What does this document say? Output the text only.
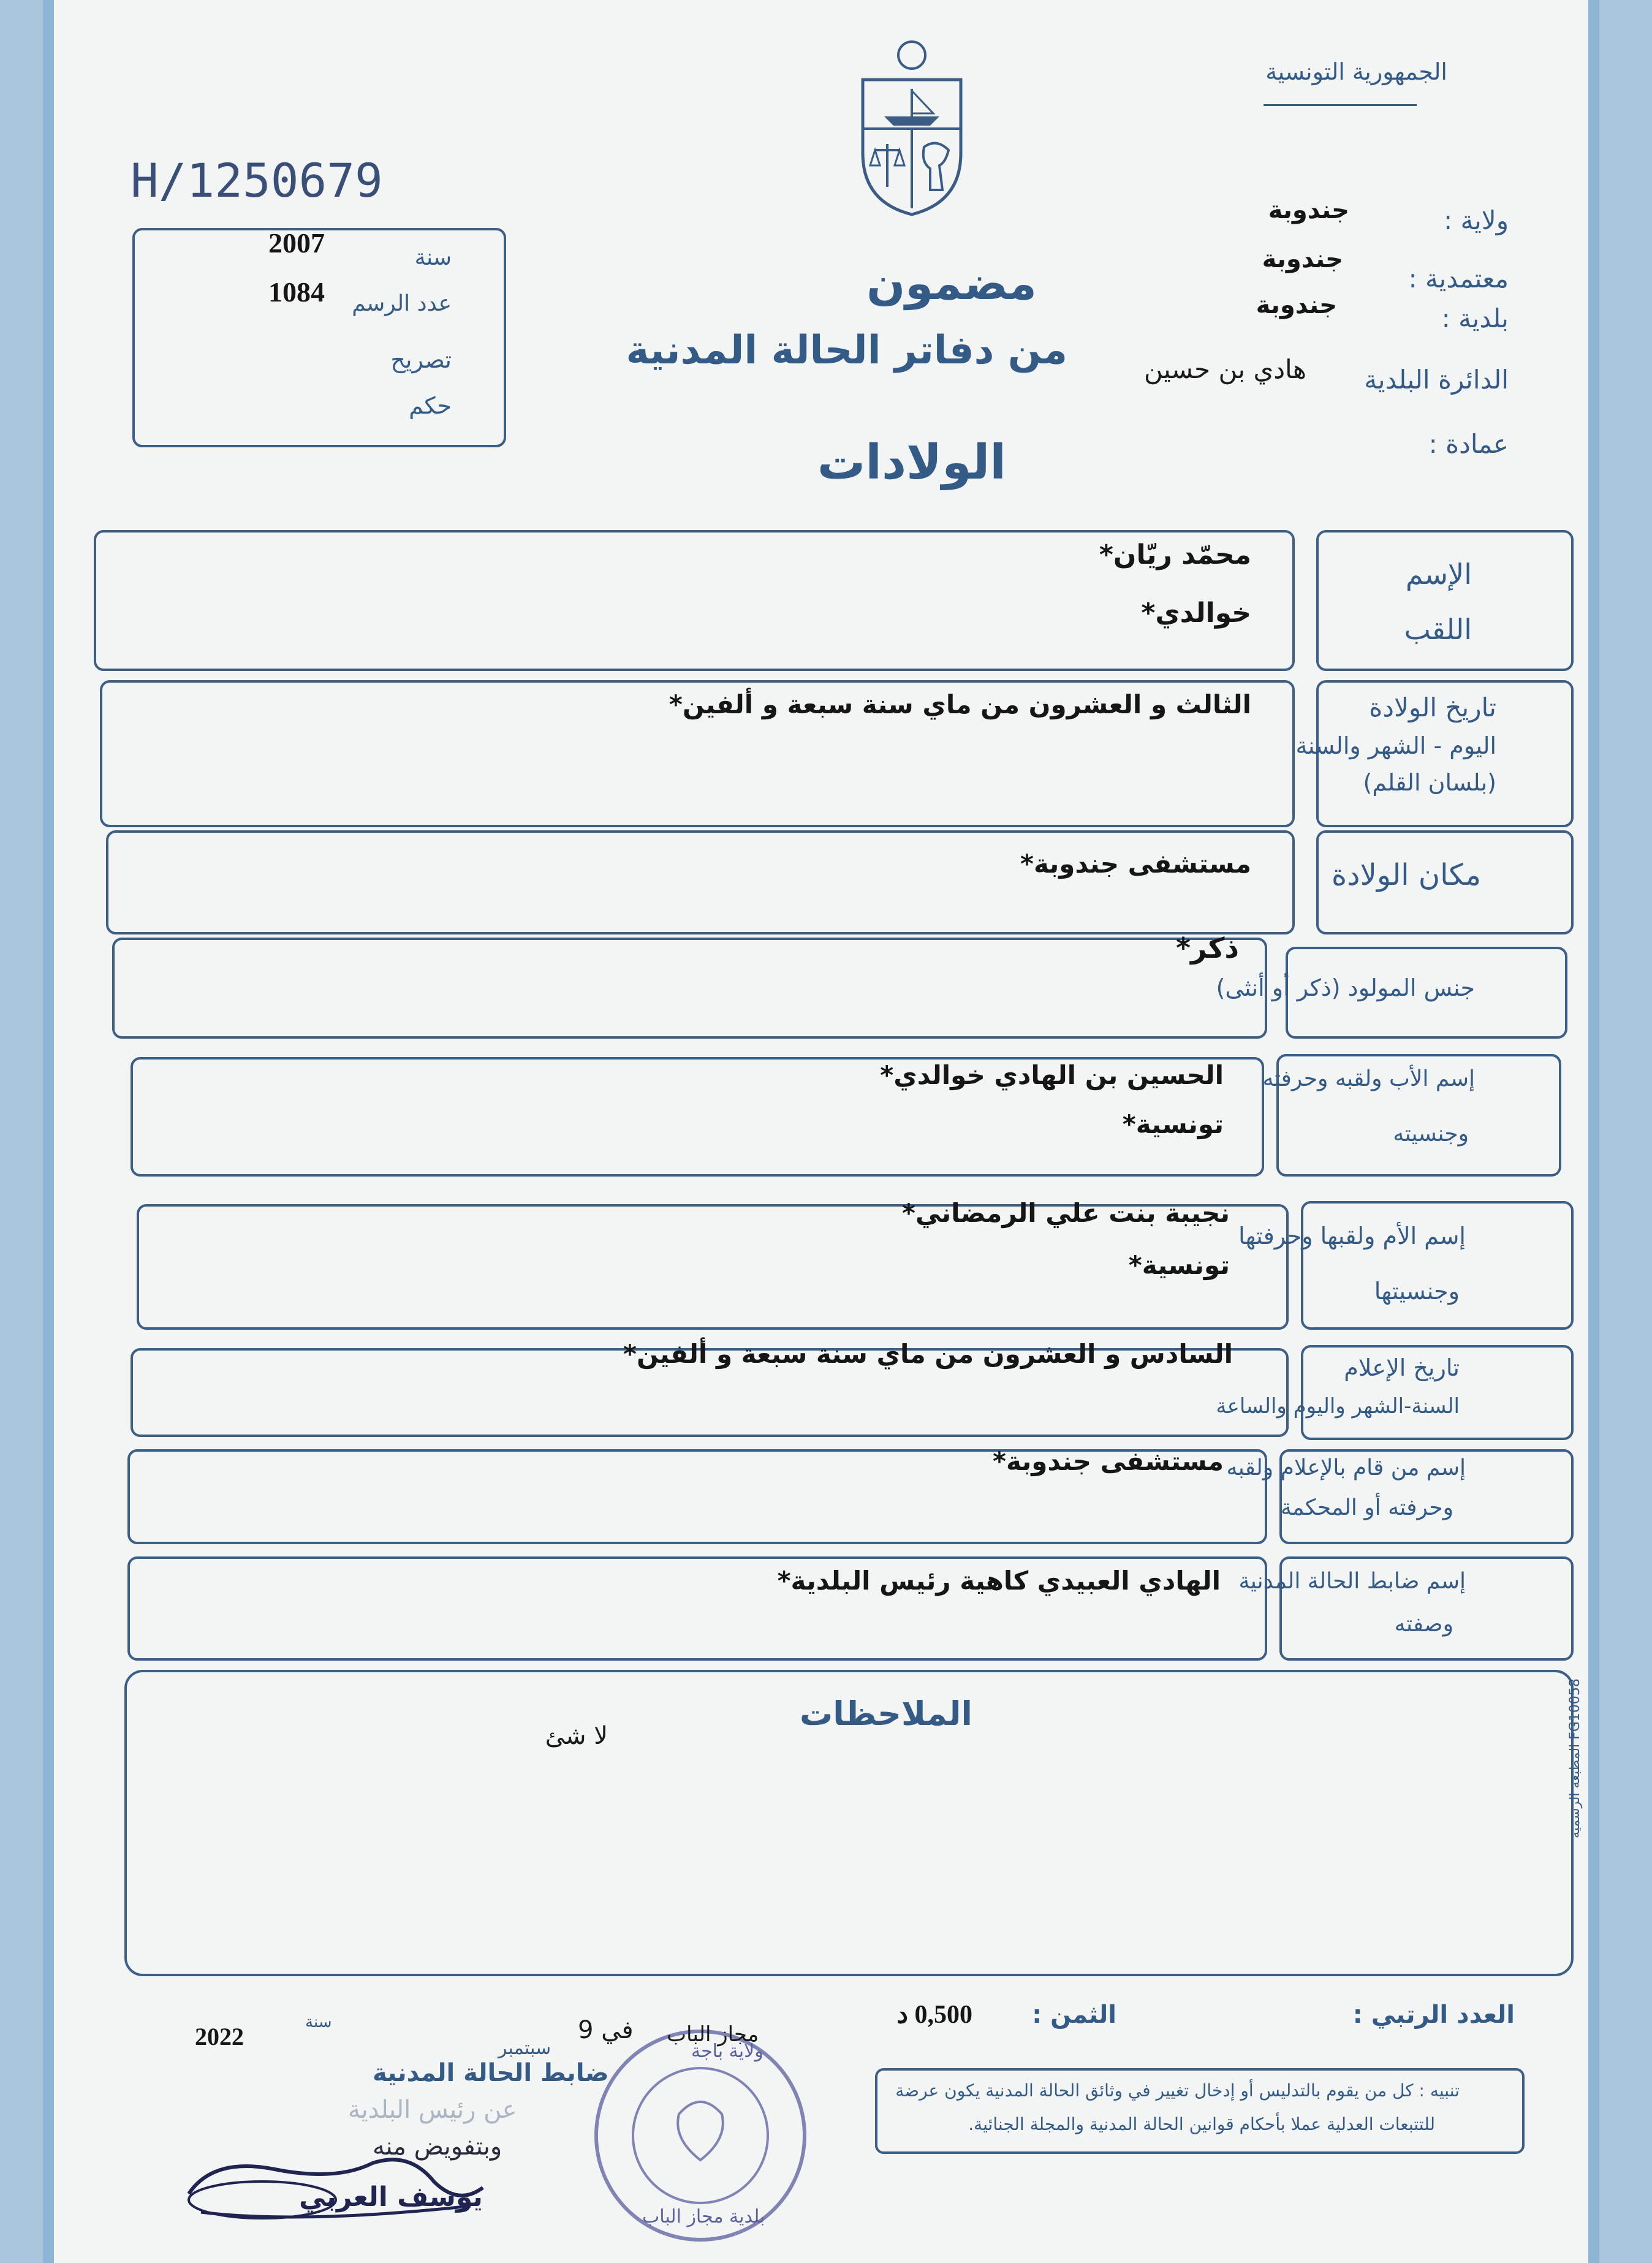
H/1250679
2007
1084
سنة
عدد الرسم
تصريح
حكم
الجمهورية التونسية
ولاية :
جندوبة
معتمدية :
جندوبة
بلدية :
جندوبة
الدائرة البلدية
هادي بن حسين
عمادة :
مضمون
من دفاتر الحالة المدنية
الولادات
الإسم
اللقب
محمّد ريّان*
خوالدي*
تاريخ الولادة
اليوم - الشهر والسنة
(بلسان القلم)
الثالث و العشرون من ماي سنة سبعة و ألفين*
مكان الولادة
مستشفى جندوبة*
جنس المولود (ذكر أو أنثى)
ذكر*
إسم الأب ولقبه وحرفته
وجنسيته
الحسين بن الهادي خوالدي*
تونسية*
إسم الأم ولقبها وحرفتها
وجنسيتها
نجيبة بنت علي الرمضاني*
تونسية*
تاريخ الإعلام
السنة-الشهر واليوم والساعة
السادس و العشرون من ماي سنة سبعة و ألفين*
إسم من قام بالإعلام ولقبه
وحرفته أو المحكمة
مستشفى جندوبة*
إسم ضابط الحالة المدنية
وصفته
الهادي العبيدي كاهية رئيس البلدية*
الملاحظات
لا شئ
المطبعة الرسمية FG10058
العدد الرتبي :
الثمن :
0,500 د
تنبيه : كل من يقوم بالتدليس أو إدخال تغيير في وثائق الحالة المدنية يكون عرضة
للتتبعات العدلية عملا بأحكام قوانين الحالة المدنية والمجلة الجنائية.
بلدية مجاز الباب
ولاية باجة
مجاز الباب
سنة
2022	في 9
سبتمبر
ضابط الحالة المدنية
عن رئيس البلدية
وبتفويض منه
يوسف العربي
